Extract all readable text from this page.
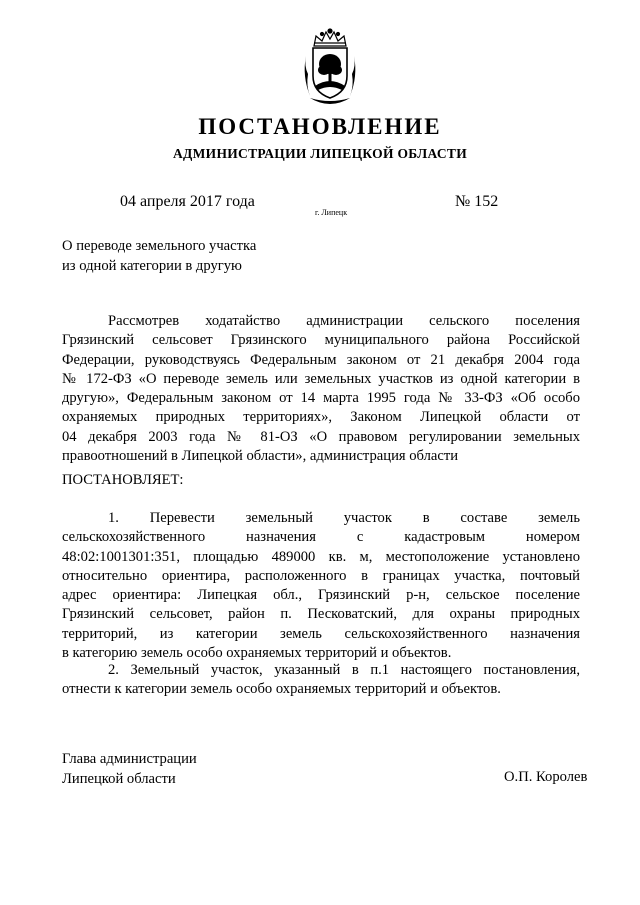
ПОСТАНОВЛЕНИЕ
АДМИНИСТРАЦИИ ЛИПЕЦКОЙ ОБЛАСТИ
04 апреля 2017 года
г. Липецк
№ 152
О переводе земельного участка
из одной категории в другую
Рассмотрев ходатайство администрации сельского поселения
Грязинский сельсовет Грязинского муниципального района Российской
Федерации, руководствуясь Федеральным законом от 21 декабря 2004 года
№ 172-ФЗ «О переводе земель или земельных участков из одной категории в
другую», Федеральным законом от 14 марта 1995 года № 33-ФЗ «Об особо
охраняемых природных территориях», Законом Липецкой области от
04 декабря 2003 года № 81-ОЗ «О правовом регулировании земельных
правоотношений в Липецкой области», администрация области
ПОСТАНОВЛЯЕТ:
1. Перевести земельный участок в составе земель
сельскохозяйственного назначения с кадастровым номером
48:02:1001301:351, площадью 489000 кв. м, местоположение установлено
относительно ориентира, расположенного в границах участка, почтовый
адрес ориентира: Липецкая обл., Грязинский р-н, сельское поселение
Грязинский сельсовет, район п. Песковатский, для охраны природных
территорий, из категории земель сельскохозяйственного назначения
в категорию земель особо охраняемых территорий и объектов.
2. Земельный участок, указанный в п.1 настоящего постановления,
отнести к категории земель особо охраняемых территорий и объектов.
Глава администрации
Липецкой области	О.П. Королев
